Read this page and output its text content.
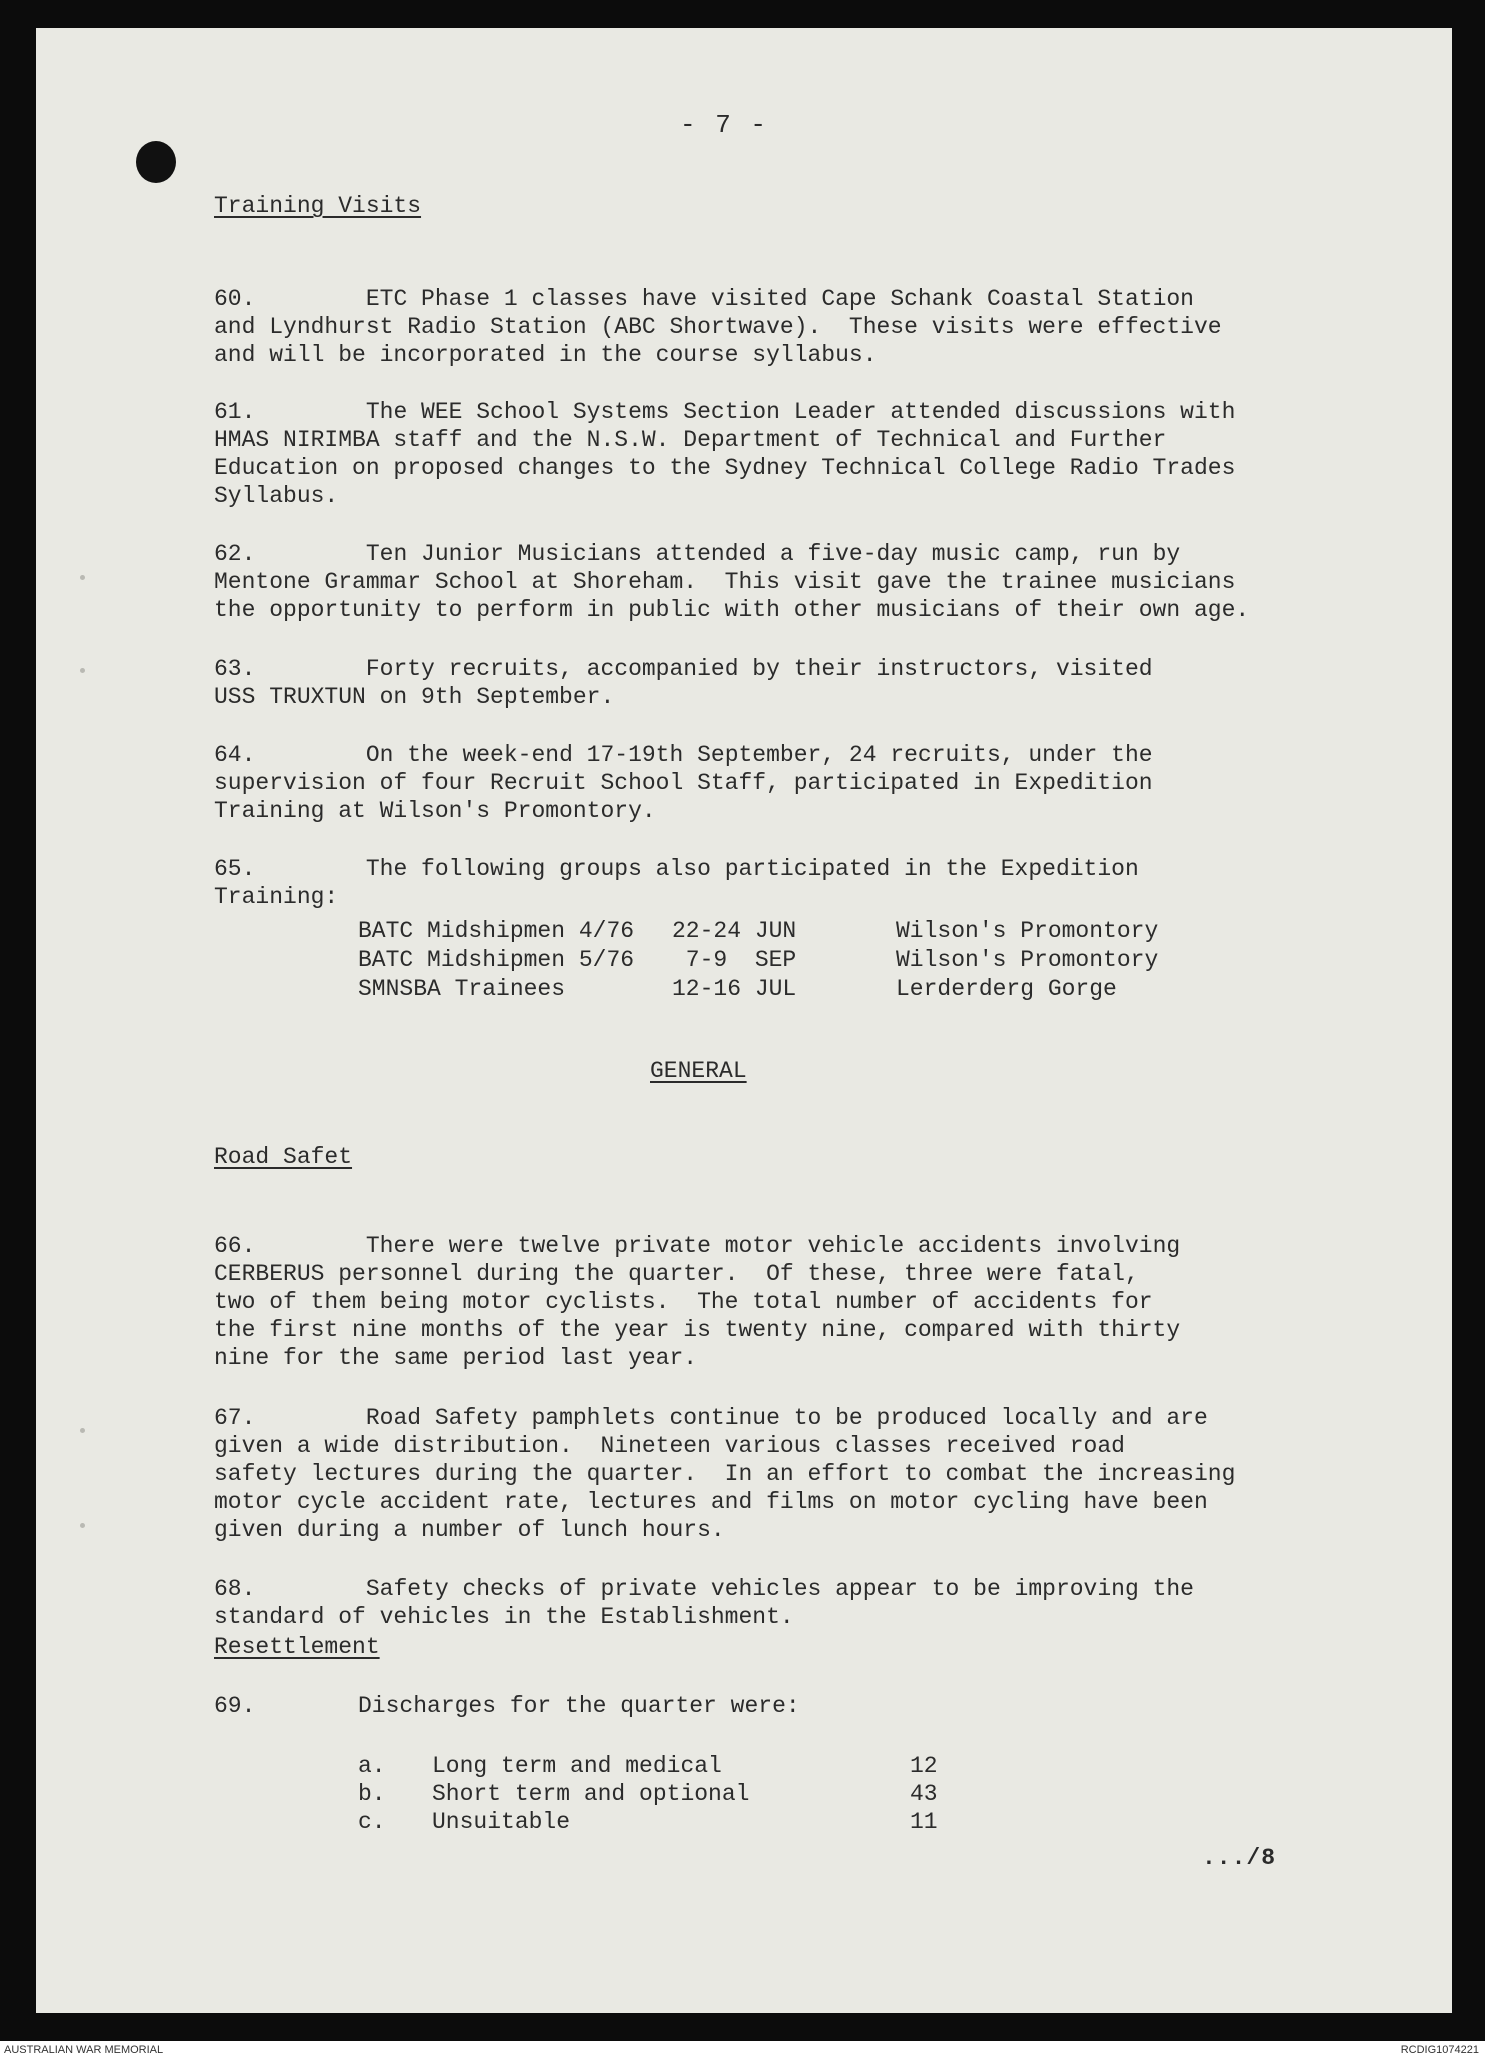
- 7 -
Training Visits

60.        ETC Phase 1 classes have visited Cape Schank Coastal Station
and Lyndhurst Radio Station (ABC Shortwave).  These visits were effective
and will be incorporated in the course syllabus.

61.        The WEE School Systems Section Leader attended discussions with
HMAS NIRIMBA staff and the N.S.W. Department of Technical and Further
Education on proposed changes to the Sydney Technical College Radio Trades
Syllabus.

62.        Ten Junior Musicians attended a five-day music camp, run by
Mentone Grammar School at Shoreham.  This visit gave the trainee musicians
the opportunity to perform in public with other musicians of their own age.

63.        Forty recruits, accompanied by their instructors, visited
USS TRUXTUN on 9th September.

64.        On the week-end 17-19th September, 24 recruits, under the
supervision of four Recruit School Staff, participated in Expedition
Training at Wilson's Promontory.

65.        The following groups also participated in the Expedition
Training:
BATC Midshipmen 4/76 22-24 JUN	Wilson's Promontory
BATC Midshipmen 5/76 7-9  SEP	Wilson's Promontory
SMNSBA Trainees	12-16 JUL	Lerderderg Gorge
GENERAL
Road Safet

66.        There were twelve private motor vehicle accidents involving
CERBERUS personnel during the quarter.  Of these, three were fatal,
two of them being motor cyclists.  The total number of accidents for
the first nine months of the year is twenty nine, compared with thirty
nine for the same period last year.

67.        Road Safety pamphlets continue to be produced locally and are
given a wide distribution.  Nineteen various classes received road
safety lectures during the quarter.  In an effort to combat the increasing
motor cycle accident rate, lectures and films on motor cycling have been
given during a number of lunch hours.

68.        Safety checks of private vehicles appear to be improving the
standard of vehicles in the Establishment.
Resettlement
69.	Discharges for the quarter were:
a. Long term and medical	12
b. Short term and optional	43
c. Unsuitable	11
.../8
AUSTRALIAN WAR MEMORIAL	RCDIG1074221
